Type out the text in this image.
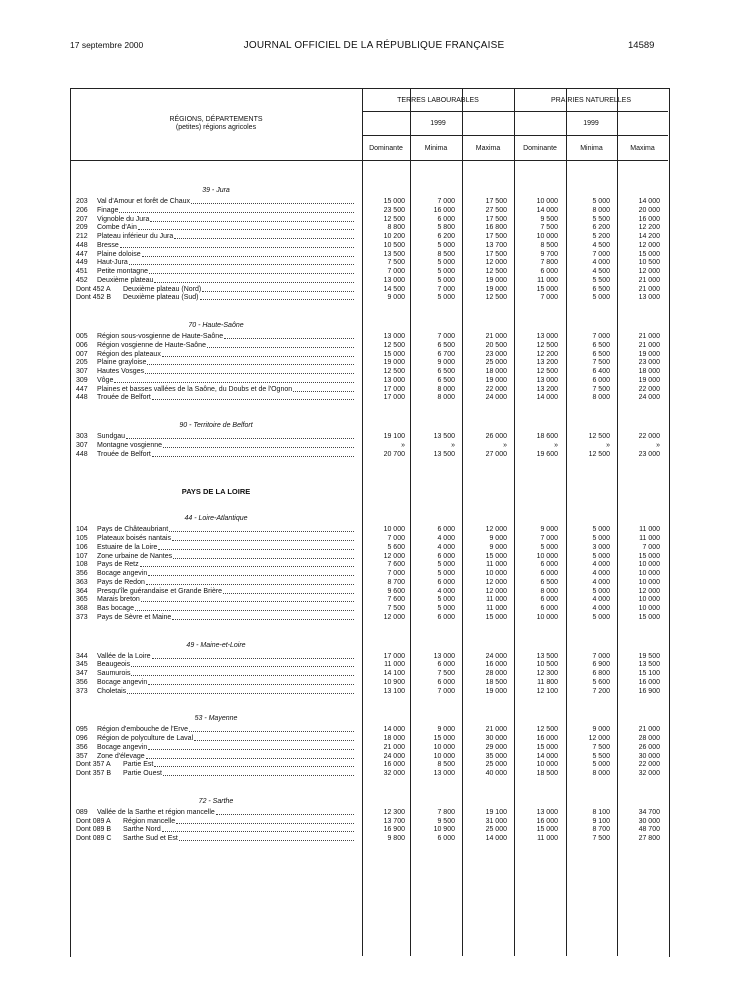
17 septembre 2000	JOURNAL OFFICIEL DE LA RÉPUBLIQUE FRANÇAISE	14589
RÉGIONS, DÉPARTEMENTS
(petites) régions agricoles
TERRES LABOURABLES	PRAIRIES NATURELLES
1999	1999
Dominante	Minima	Maxima	Dominante	Minima	Maxima
39 - Jura
203 Val d'Amour et forêt de Chaux	15 000	7 000	17 500	10 000	5 000	14 000
206 Finage	23 500	16 000	27 500	14 000	8 000	20 000
207 Vignoble du Jura	12 500	6 000	17 500	9 500	5 500	16 000
209 Combe d'Ain	8 800	5 800	16 800	7 500	6 200	12 200
212 Plateau inférieur du Jura	10 200	6 200	17 500	10 000	5 200	14 200
448 Bresse	10 500	5 000	13 700	8 500	4 500	12 000
447 Plaine doloise	13 500	8 500	17 500	9 700	7 000	15 000
449 Haut-Jura	7 500	5 000	12 000	7 800	4 000	10 500
451 Petite montagne	7 000	5 000	12 500	6 000	4 500	12 000
452 Deuxième plateau	13 000	5 000	19 000	11 000	5 500	21 000
Dont 452 A Deuxième plateau (Nord)	14 500	7 000	19 000	15 000	6 500	21 000
Dont 452 B Deuxième plateau (Sud)	9 000	5 000	12 500	7 000	5 000	13 000
70 - Haute-Saône
005 Région sous-vosgienne de Haute-Saône	13 000	7 000	21 000	13 000	7 000	21 000
006 Région vosgienne de Haute-Saône	12 500	6 500	20 500	12 500	6 500	21 000
007 Région des plateaux	15 000	6 700	23 000	12 200	6 500	19 000
205 Plaine grayloise	19 000	9 000	25 000	13 200	7 500	23 000
307 Hautes Vosges	12 500	6 500	18 000	12 500	6 400	18 000
309 Vôge	13 000	6 500	19 000	13 000	6 000	19 000
447 Plaines et basses vallées de la Saône, du Doubs et de l'Ognon	17 000	8 000	22 000	13 200	7 500	22 000
448 Trouée de Belfort	17 000	8 000	24 000	14 000	8 000	24 000
90 - Territoire de Belfort
303 Sundgau	19 100	13 500	26 000	18 600	12 500	22 000
307 Montagne vosgienne	»	»	»	»	»	»
448 Trouée de Belfort	20 700	13 500	27 000	19 600	12 500	23 000
PAYS DE LA LOIRE
44 - Loire-Atlantique
104 Pays de Châteaubriant	10 000	6 000	12 000	9 000	5 000	11 000
105 Plateaux boisés nantais	7 000	4 000	9 000	7 000	5 000	11 000
106 Estuaire de la Loire	5 600	4 000	9 000	5 000	3 000	7 000
107 Zone urbaine de Nantes	12 000	6 000	15 000	10 000	5 000	15 000
108 Pays de Retz	7 600	5 000	11 000	6 000	4 000	10 000
356 Bocage angevin	7 000	5 000	10 000	6 000	4 000	10 000
363 Pays de Redon	8 700	6 000	12 000	6 500	4 000	10 000
364 Presqu'île guérandaise et Grande Brière	9 600	4 000	12 000	8 000	5 000	12 000
365 Marais breton	7 600	5 000	11 000	6 000	4 000	10 000
368 Bas bocage	7 500	5 000	11 000	6 000	4 000	10 000
373 Pays de Sèvre et Maine	12 000	6 000	15 000	10 000	5 000	15 000
49 - Maine-et-Loire
344 Vallée de la Loire	17 000	13 000	24 000	13 500	7 000	19 500
345 Beaugeois	11 000	6 000	16 000	10 500	6 900	13 500
347 Saumurois	14 100	7 500	28 000	12 300	6 800	15 100
356 Bocage angevin	10 900	6 000	18 500	11 800	5 600	16 000
373 Choletais	13 100	7 000	19 000	12 100	7 200	16 900
53 - Mayenne
095 Région d'embouche de l'Erve	14 000	9 000	21 000	12 500	9 000	21 000
096 Région de polyculture de Laval	18 000	15 000	30 000	16 000	12 000	28 000
356 Bocage angevin	21 000	10 000	29 000	15 000	7 500	26 000
357 Zone d'élevage	24 000	10 000	35 000	14 000	5 500	30 000
Dont 357 A Partie Est	16 000	8 500	25 000	10 000	5 000	22 000
Dont 357 B Partie Ouest	32 000	13 000	40 000	18 500	8 000	32 000
72 - Sarthe
089 Vallée de la Sarthe et région mancelle	12 300	7 800	19 100	13 000	8 100	34 700
Dont 089 A Région mancelle	13 700	9 500	31 000	16 000	9 100	30 000
Dont 089 B Sarthe Nord	16 900	10 900	25 000	15 000	8 700	48 700
Dont 089 C Sarthe Sud et Est	9 800	6 000	14 000	11 000	7 500	27 800
